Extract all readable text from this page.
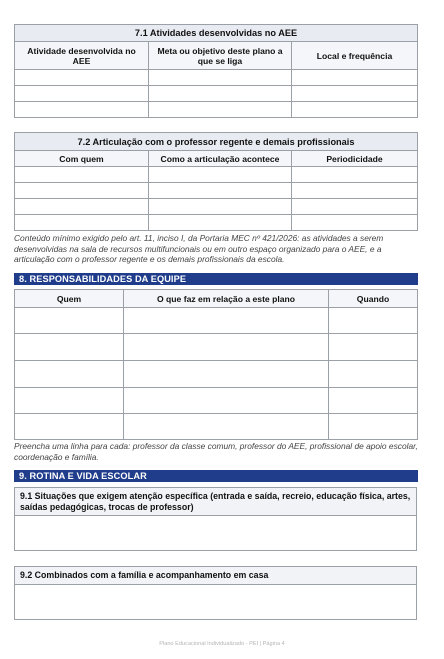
7.1 Atividades desenvolvidas no AEE		
Atividade desenvolvida no AEE	Meta ou objetivo deste plano a que se liga	Local e frequência

7.2 Articulação com o professor regente e demais profissionais		
Com quem	Como a articulação acontece	Periodicidade

Conteúdo mínimo exigido pelo art. 11, inciso I, da Portaria MEC nº 421/2026: as atividades a serem desenvolvidas na sala de recursos multifuncionais ou em outro espaço organizado para o AEE, e a articulação com o professor regente e os demais profissionais da escola.
8. RESPONSABILIDADES DA EQUIPE
Quem	O que faz em relação a este plano	Quando

Preencha uma linha para cada: professor da classe comum, professor do AEE, profissional de apoio escolar, coordenação e família.
9. ROTINA E VIDA ESCOLAR
9.1 Situações que exigem atenção específica (entrada e saída, recreio, educação física, artes, saídas pedagógicas, trocas de professor)
9.2 Combinados com a família e acompanhamento em casa
Plano Educacional Individualizado - PEI | Página 4
